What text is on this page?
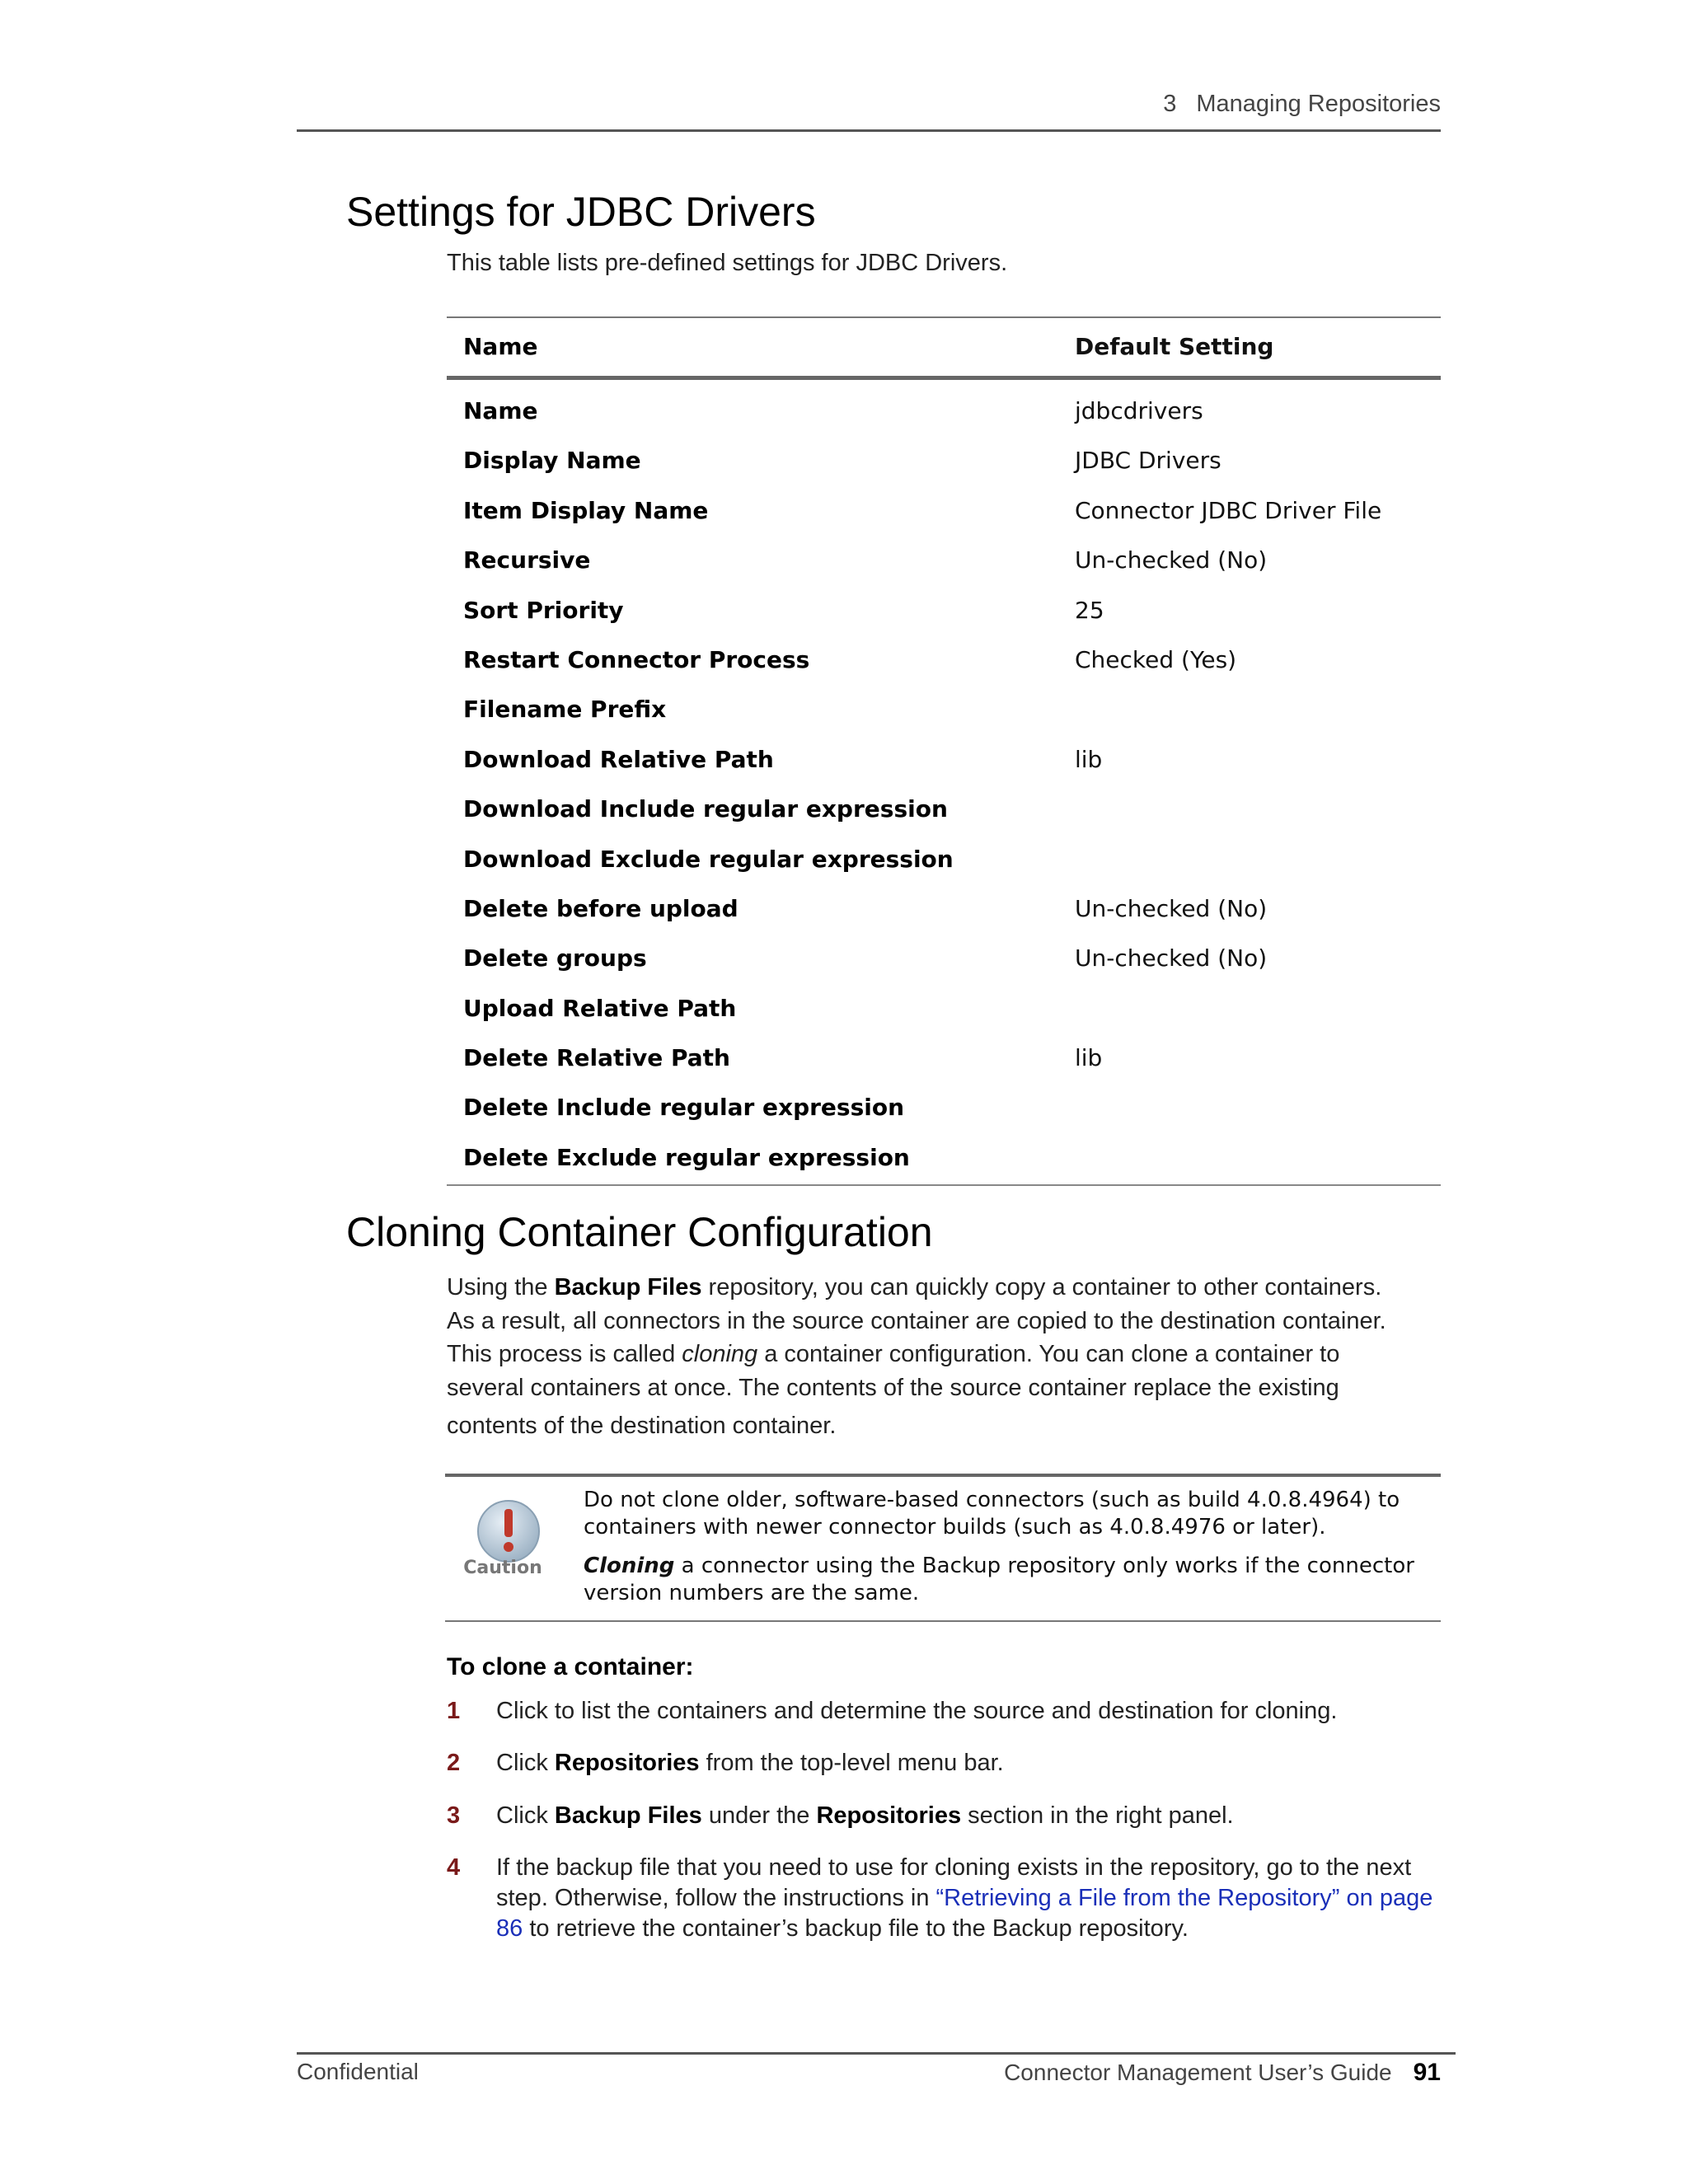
3 Managing Repositories
Settings for JDBC Drivers
This table lists pre-defined settings for JDBC Drivers.
Name	Default Setting
Name	jdbcdrivers
Display Name	JDBC Drivers
Item Display Name	Connector JDBC Driver File
Recursive	Un-checked (No)
Sort Priority	25
Restart Connector Process	Checked (Yes)
Filename Prefix
Download Relative Path	lib
Download Include regular expression
Download Exclude regular expression
Delete before upload	Un-checked (No)
Delete groups	Un-checked (No)
Upload Relative Path
Delete Relative Path	lib
Delete Include regular expression
Delete Exclude regular expression
Cloning Container Configuration
Using the Backup Files repository, you can quickly copy a container to other containers.
As a result, all connectors in the source container are copied to the destination container.
This process is called cloning a container configuration. You can clone a container to
several containers at once. The contents of the source container replace the existing
contents of the destination container.
Caution

Do not clone older, software-based connectors (such as build 4.0.8.4964) to containers with newer connector builds (such as 4.0.8.4976 or later).

Cloning a connector using the Backup repository only works if the connector version numbers are the same.

To clone a container:
1 Click to list the containers and determine the source and destination for cloning.
2 Click Repositories from the top-level menu bar.
3 Click Backup Files under the Repositories section in the right panel.
4 If the backup file that you need to use for cloning exists in the repository, go to the next step. Otherwise, follow the instructions in “Retrieving a File from the Repository” on page 86 to retrieve the container’s backup file to the Backup repository.
Confidential	Connector Management User’s Guide 91
